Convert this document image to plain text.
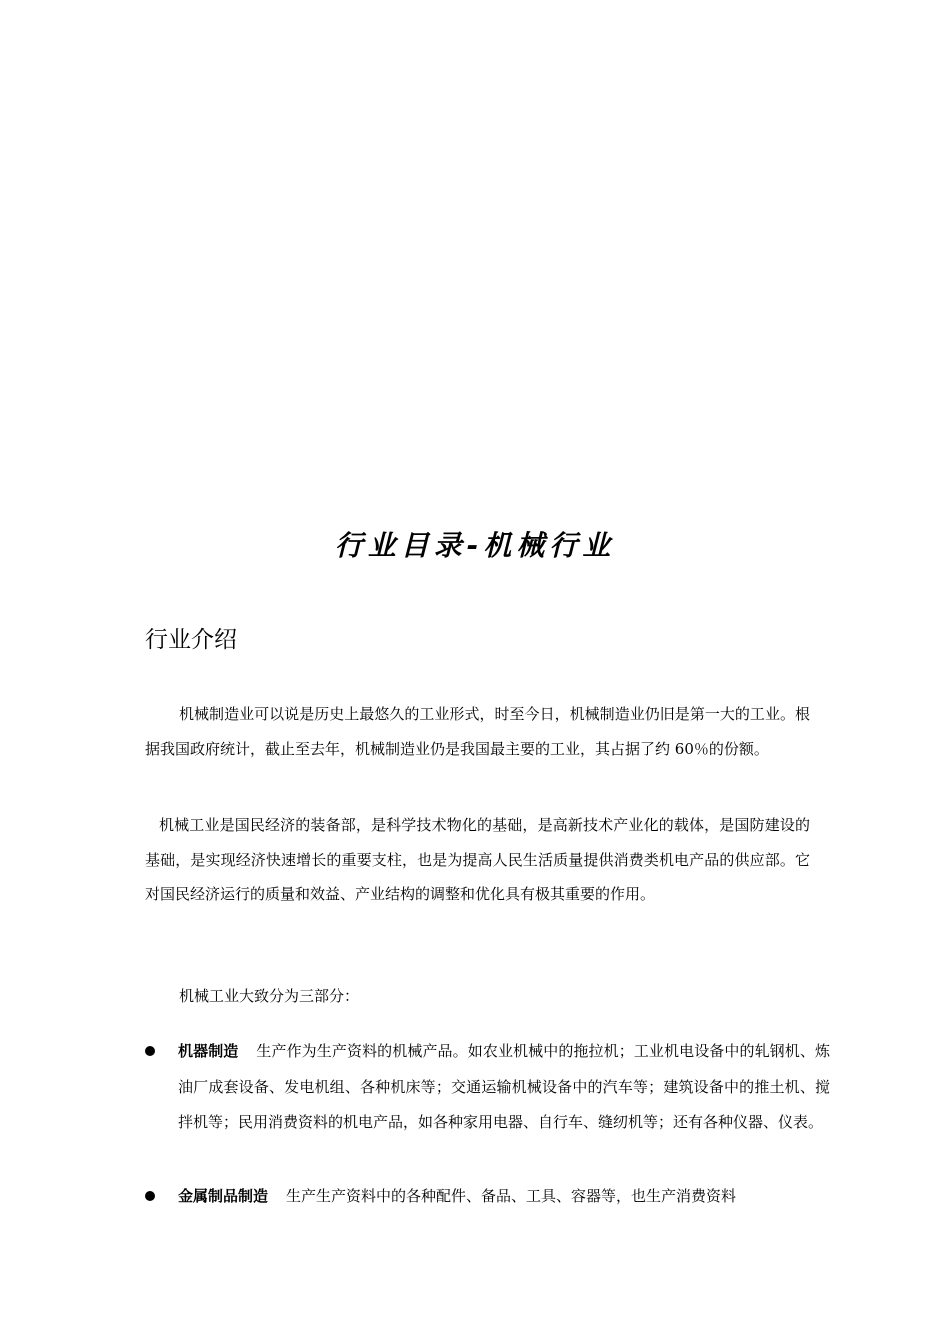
行业目录-机械行业
行业介绍

机械制造业可以说是历史上最悠久的工业形式，时至今日，机械制造业仍旧是第一大的工业。根据我国政府统计，截止至去年，机械制造业仍是我国最主要的工业，其占据了约 60％的份额。

机械工业是国民经济的装备部，是科学技术物化的基础，是高新技术产业化的载体，是国防建设的基础，是实现经济快速增长的重要支柱，也是为提高人民生活质量提供消费类机电产品的供应部。它对国民经济运行的质量和效益、产业结构的调整和优化具有极其重要的作用。

机械工业大致分为三部分：

机器制造 生产作为生产资料的机械产品。如农业机械中的拖拉机；工业机电设备中的轧钢机、炼油厂成套设备、发电机组、各种机床等；交通运输机械设备中的汽车等；建筑设备中的推土机、搅拌机等；民用消费资料的机电产品，如各种家用电器、自行车、缝纫机等；还有各种仪器、仪表。
金属制品制造 生产生产资料中的各种配件、备品、工具、容器等，也生产消费资料
